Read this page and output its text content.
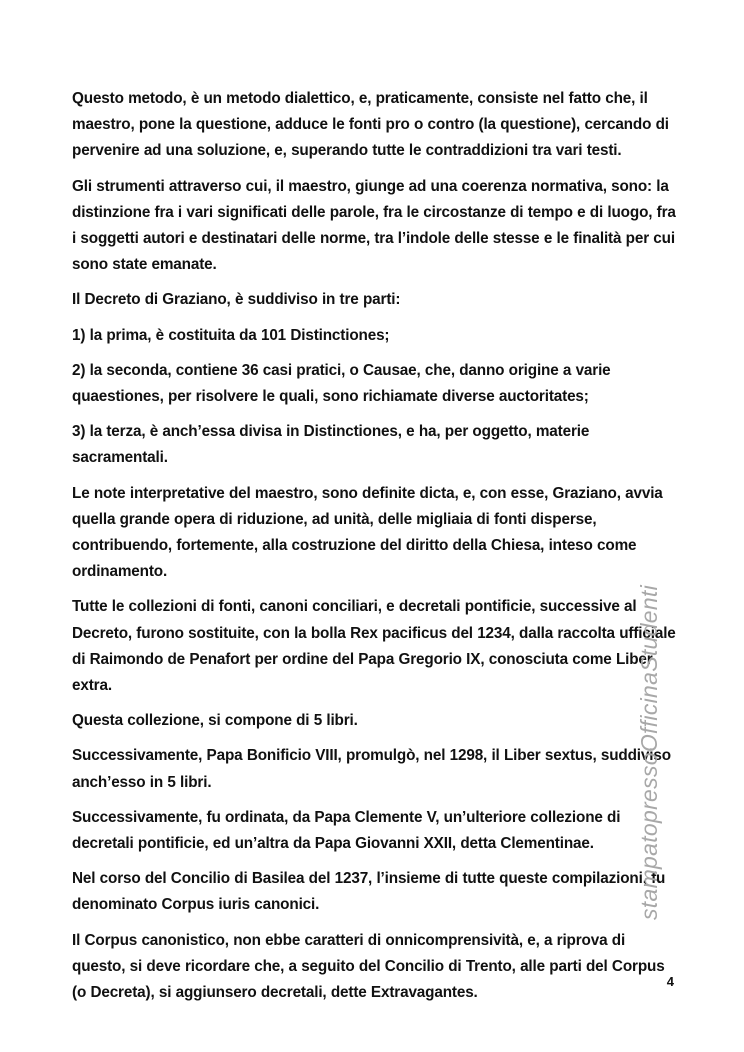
Questo metodo, è un metodo dialettico, e, praticamente, consiste nel fatto che, il maestro, pone la questione, adduce le fonti pro o contro (la questione), cercando di pervenire ad una soluzione, e, superando tutte le contraddizioni tra vari testi.

Gli strumenti attraverso cui, il maestro, giunge ad una coerenza normativa, sono: la distinzione fra i vari significati delle parole, fra le circostanze di tempo e di luogo, fra i soggetti autori e destinatari delle norme, tra l’indole delle stesse e le finalità per cui sono state emanate.

Il Decreto di Graziano, è suddiviso in tre parti:

1) la prima, è costituita da 101 Distinctiones;

2) la seconda, contiene 36 casi pratici, o Causae, che, danno origine a varie quaestiones, per risolvere le quali, sono richiamate diverse auctoritates;

3) la terza, è anch’essa divisa in Distinctiones, e ha, per oggetto, materie sacramentali.

Le note interpretative del maestro, sono definite dicta, e, con esse, Graziano, avvia quella grande opera di riduzione, ad unità, delle migliaia di fonti disperse, contribuendo, fortemente, alla costruzione del diritto della Chiesa, inteso come ordinamento.

Tutte le collezioni di fonti, canoni conciliari, e decretali pontificie, successive al Decreto, furono sostituite, con la bolla Rex pacificus del 1234, dalla raccolta ufficiale di Raimondo de Penafort per ordine del Papa Gregorio IX, conosciuta come Liber extra.

Questa collezione, si compone di 5 libri.

Successivamente, Papa Bonificio VIII, promulgò, nel 1298, il Liber sextus, suddiviso anch’esso in 5 libri.

Successivamente, fu ordinata, da Papa Clemente V, un’ulteriore collezione di decretali pontificie, ed un’altra da Papa Giovanni XXII, detta Clementinae.

Nel corso del Concilio di Basilea del 1237, l’insieme di tutte queste compilazioni, fu denominato Corpus iuris canonici.

Il Corpus canonistico, non ebbe caratteri di onnicomprensività, e, a riprova di questo, si deve ricordare che, a seguito del Concilio di Trento, alle parti del Corpus (o Decreta), si aggiunsero decretali, dette Extravagantes.

stampatopressoOfficinaStudenti
4
